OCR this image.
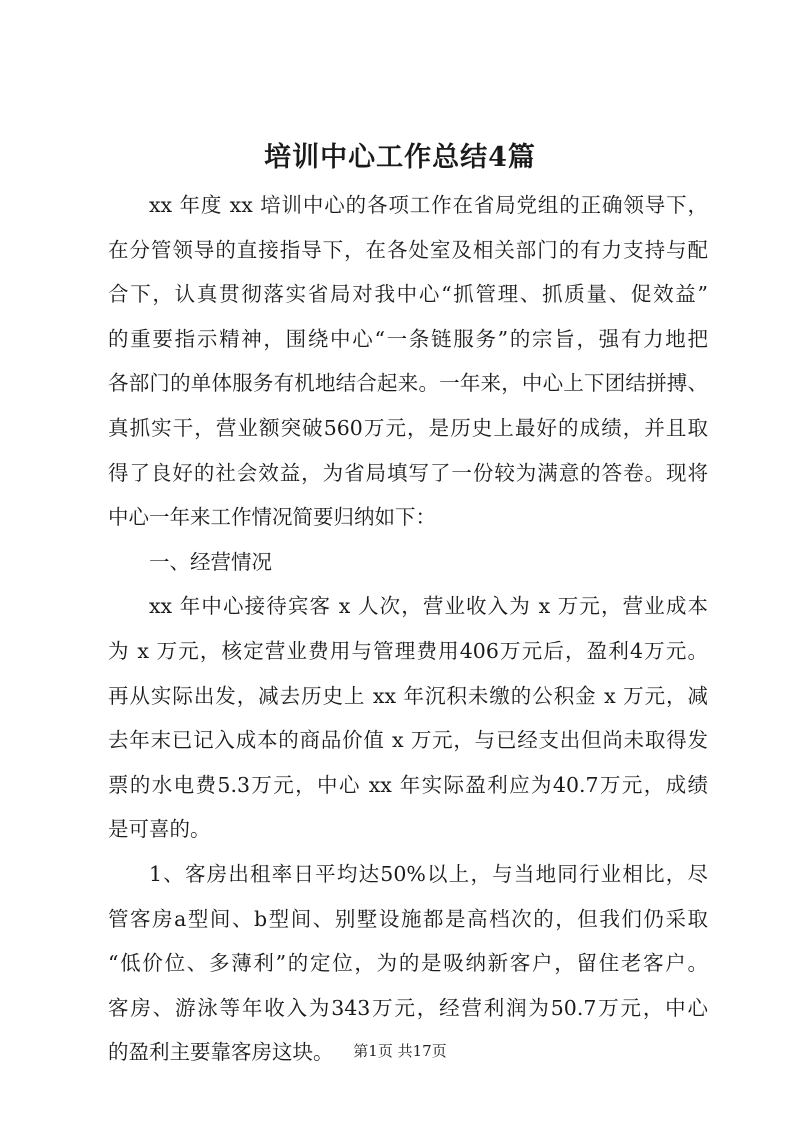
培训中心工作总结4篇
xx 年度 xx 培训中心的各项工作在省局党组的正确领导下，
在分管领导的直接指导下，在各处室及相关部门的有力支持与配
合下，认真贯彻落实省局对我中心“抓管理、抓质量、促效益”
的重要指示精神，围绕中心“一条链服务”的宗旨，强有力地把
各部门的单体服务有机地结合起来。一年来，中心上下团结拼搏、
真抓实干，营业额突破560万元，是历史上最好的成绩，并且取
得了良好的社会效益，为省局填写了一份较为满意的答卷。现将
中心一年来工作情况简要归纳如下：
一、经营情况
xx 年中心接待宾客 x 人次，营业收入为 x 万元，营业成本
为 x 万元，核定营业费用与管理费用406万元后，盈利4万元。
再从实际出发，减去历史上 xx 年沉积未缴的公积金 x 万元，减
去年末已记入成本的商品价值 x 万元，与已经支出但尚未取得发
票的水电费5.3万元，中心 xx 年实际盈利应为40.7万元，成绩
是可喜的。
1、客房出租率日平均达50%以上，与当地同行业相比，尽
管客房a型间、b型间、别墅设施都是高档次的，但我们仍采取
“低价位、多薄利”的定位，为的是吸纳新客户，留住老客户。
客房、游泳等年收入为343万元，经营利润为50.7万元，中心
的盈利主要靠客房这块。	第1页 共17页
